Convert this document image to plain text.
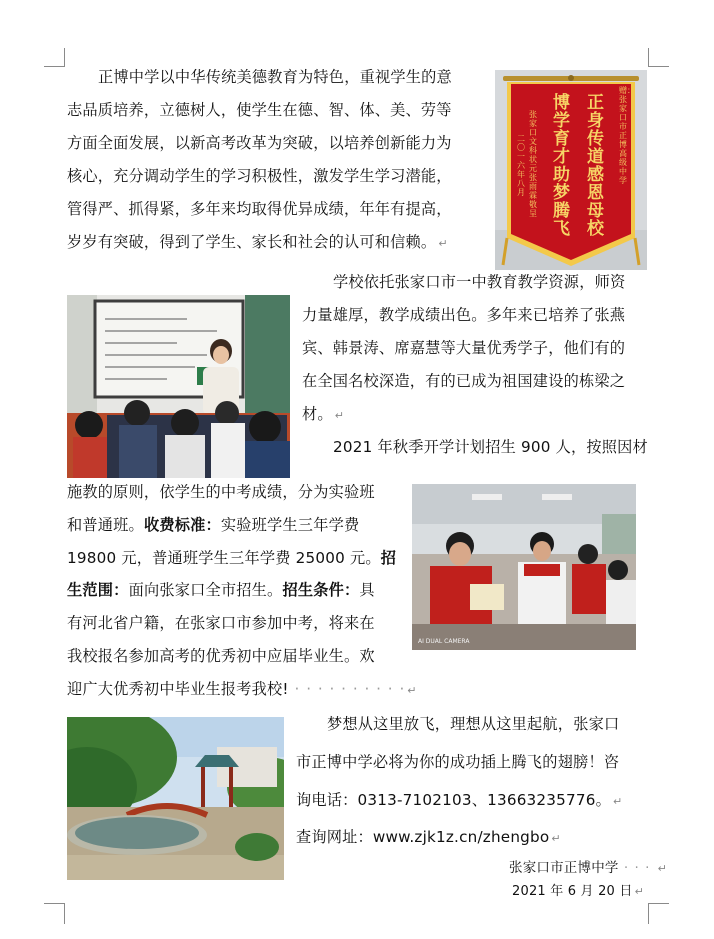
正博中学以中华传统美德教育为特色，重视学生的意
志品质培养，立德树人，使学生在德、智、体、美、劳等
方面全面发展，以新高考改革为突破，以培养创新能力为
核心，充分调动学生的学习积极性，激发学生学习潜能，
管得严、抓得紧，多年来均取得优异成绩，年年有提高，
岁岁有突破，得到了学生、家长和社会的认可和信赖。 ↵
赠：张家口市正博高级中学
正身传道感恩母校
博学育才助梦腾飞
张家口文科状元张雨霖 敬呈
二〇一六年八月
学校依托张家口市一中教育教学资源，师资
力量雄厚，教学成绩出色。多年来已培养了张燕
宾、韩景涛、席嘉慧等大量优秀学子，他们有的
在全国名校深造，有的已成为祖国建设的栋梁之
材。 ↵
2021 年秋季开学计划招生 900 人，按照因材
AI DUAL CAMERA
施教的原则，依学生的中考成绩，分为实验班
和普通班。收费标准：实验班学生三年学费
19800 元，普通班学生三年学费 25000 元。招
生范围：面向张家口全市招生。招生条件：具
有河北省户籍，在张家口市参加中考，将来在
我校报名参加高考的优秀初中应届毕业生。欢
迎广大优秀初中毕业生报考我校! · · · · · · · · · · ↵
梦想从这里放飞，理想从这里起航，张家口
市正博中学必将为你的成功插上腾飞的翅膀！咨
询电话：0313-7102103、13663235776。 ↵
查询网址：www.zjk1z.cn/zhengbo ↵
张家口市正博中学 · · · ↵
2021 年 6 月 20 日 ↵
